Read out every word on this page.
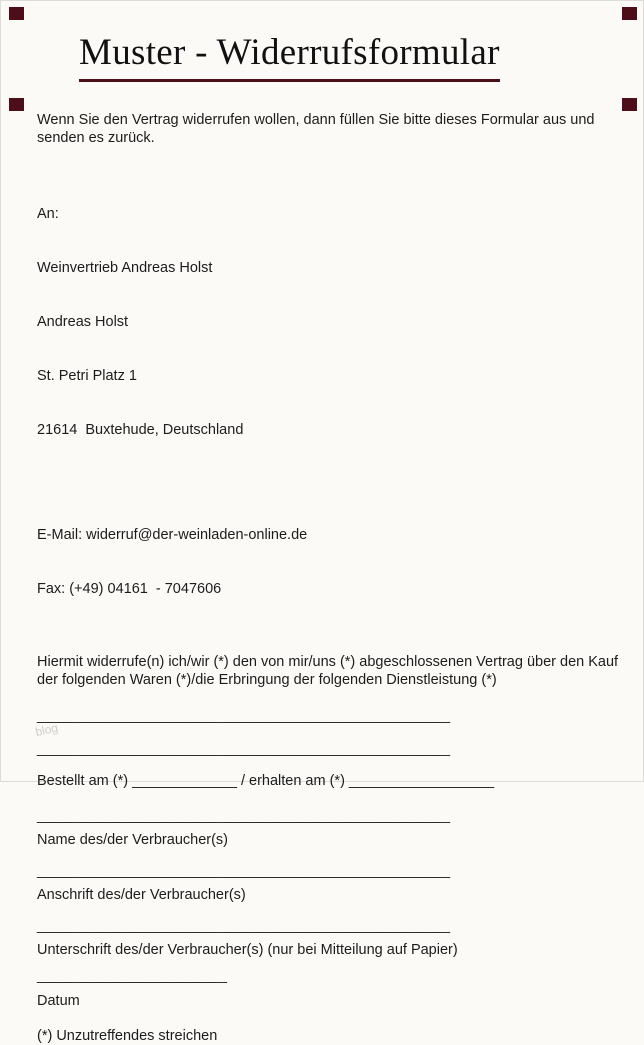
Muster - Widerrufsformular
Wenn Sie den Vertrag widerrufen wollen, dann füllen Sie bitte dieses Formular aus und senden es zurück.

An:

Weinvertrieb Andreas Holst

Andreas Holst

St. Petri Platz 1

21614  Buxtehude, Deutschland

E-Mail: widerruf@der-weinladen-online.de

Fax: (+49) 04161  - 7047606

Hiermit widerrufe(n) ich/wir (*) den von mir/uns (*) abgeschlossenen Vertrag über den Kauf der folgenden Waren (*)/die Erbringung der folgenden Dienstleistung (*)
__________________________________________________
__________________________________________________
Bestellt am (*) _____________ / erhalten am (*) __________________
__________________________________________________
Name des/der Verbraucher(s)
__________________________________________________
Anschrift des/der Verbraucher(s)
__________________________________________________
Unterschrift des/der Verbraucher(s) (nur bei Mitteilung auf Papier)
_______________________
Datum
(*) Unzutreffendes streichen
blog
